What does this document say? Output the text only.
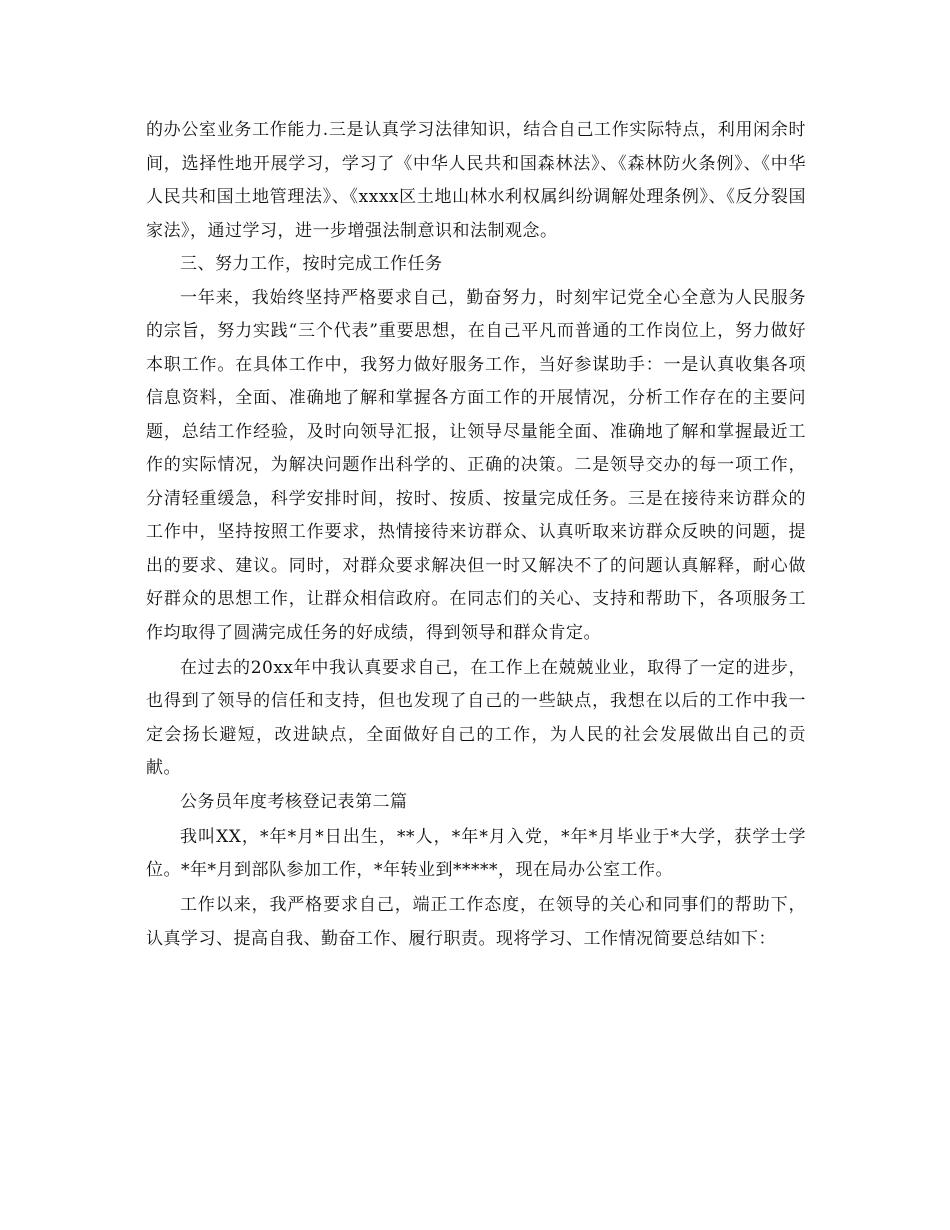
的办公室业务工作能力.三是认真学习法律知识，结合自己工作实际特点，利用闲余时间，选择性地开展学习，学习了《中华人民共和国森林法》、《森林防火条例》、《中华人民共和国土地管理法》、《xxxx区土地山林水利权属纠纷调解处理条例》、《反分裂国家法》，通过学习，进一步增强法制意识和法制观念。

三、努力工作，按时完成工作任务

一年来，我始终坚持严格要求自己，勤奋努力，时刻牢记党全心全意为人民服务的宗旨，努力实践“三个代表”重要思想，在自己平凡而普通的工作岗位上，努力做好本职工作。在具体工作中，我努力做好服务工作，当好参谋助手：一是认真收集各项信息资料，全面、准确地了解和掌握各方面工作的开展情况，分析工作存在的主要问题，总结工作经验，及时向领导汇报，让领导尽量能全面、准确地了解和掌握最近工作的实际情况，为解决问题作出科学的、正确的决策。二是领导交办的每一项工作，分清轻重缓急，科学安排时间，按时、按质、按量完成任务。三是在接待来访群众的工作中，坚持按照工作要求，热情接待来访群众、认真听取来访群众反映的问题，提出的要求、建议。同时，对群众要求解决但一时又解决不了的问题认真解释，耐心做好群众的思想工作，让群众相信政府。在同志们的关心、支持和帮助下，各项服务工作均取得了圆满完成任务的好成绩，得到领导和群众肯定。

在过去的20xx年中我认真要求自己，在工作上在兢兢业业，取得了一定的进步，也得到了领导的信任和支持，但也发现了自己的一些缺点，我想在以后的工作中我一定会扬长避短，改进缺点，全面做好自己的工作，为人民的社会发展做出自己的贡献。

公务员年度考核登记表第二篇

我叫XX，*年*月*日出生，**人，*年*月入党，*年*月毕业于*大学，获学士学位。*年*月到部队参加工作，*年转业到*****，现在局办公室工作。

工作以来，我严格要求自己，端正工作态度，在领导的关心和同事们的帮助下，认真学习、提高自我、勤奋工作、履行职责。现将学习、工作情况简要总结如下：
